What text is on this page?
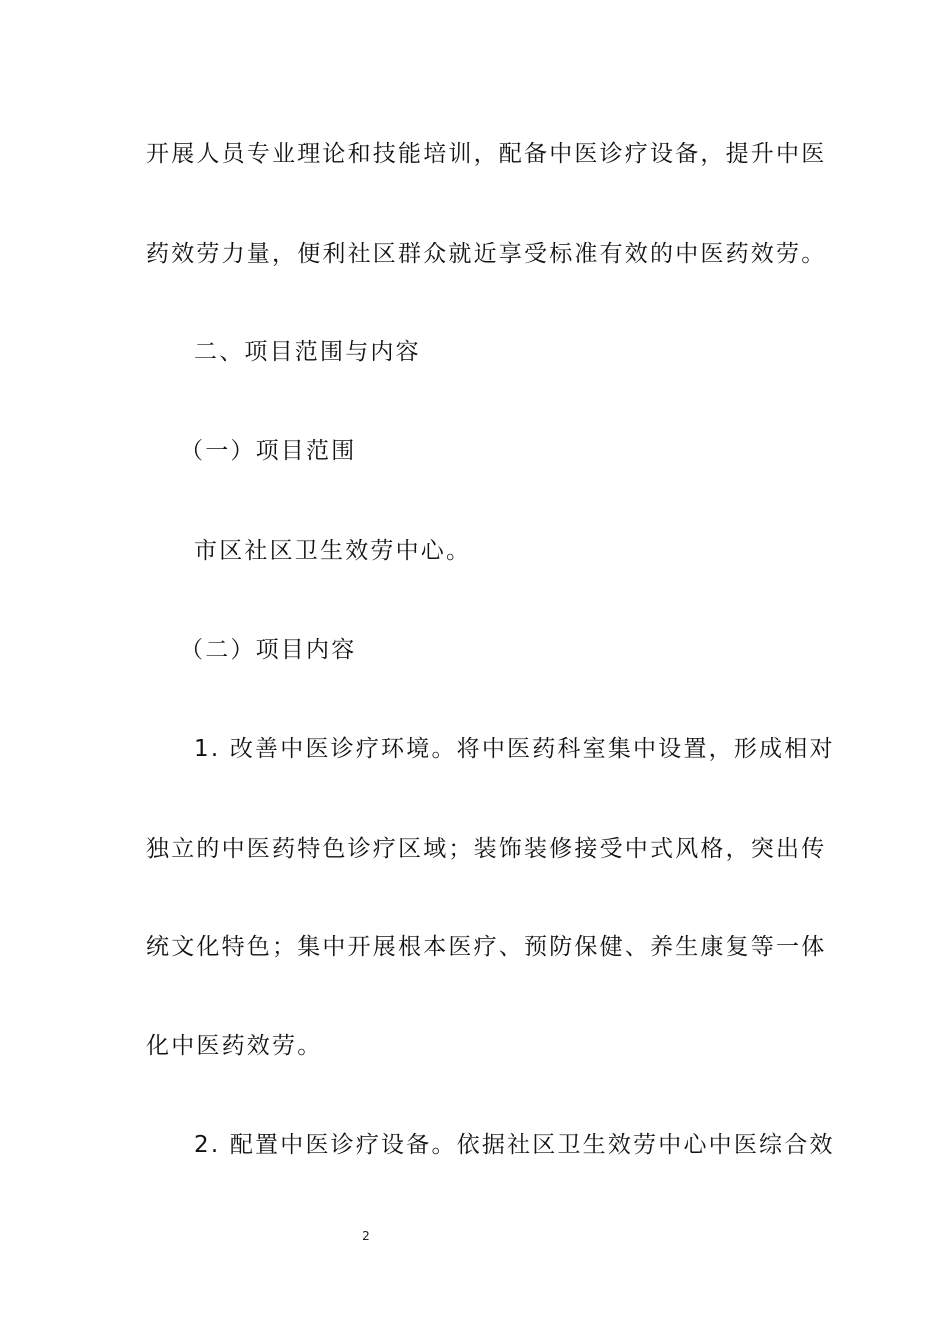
开展人员专业理论和技能培训，配备中医诊疗设备，提升中医
药效劳力量，便利社区群众就近享受标准有效的中医药效劳。
二、项目范围与内容
（一）项目范围
市区社区卫生效劳中心。
（二）项目内容
1. 改善中医诊疗环境。将中医药科室集中设置，形成相对
独立的中医药特色诊疗区域；装饰装修接受中式风格，突出传
统文化特色；集中开展根本医疗、预防保健、养生康复等一体
化中医药效劳。
2. 配置中医诊疗设备。依据社区卫生效劳中心中医综合效
2
